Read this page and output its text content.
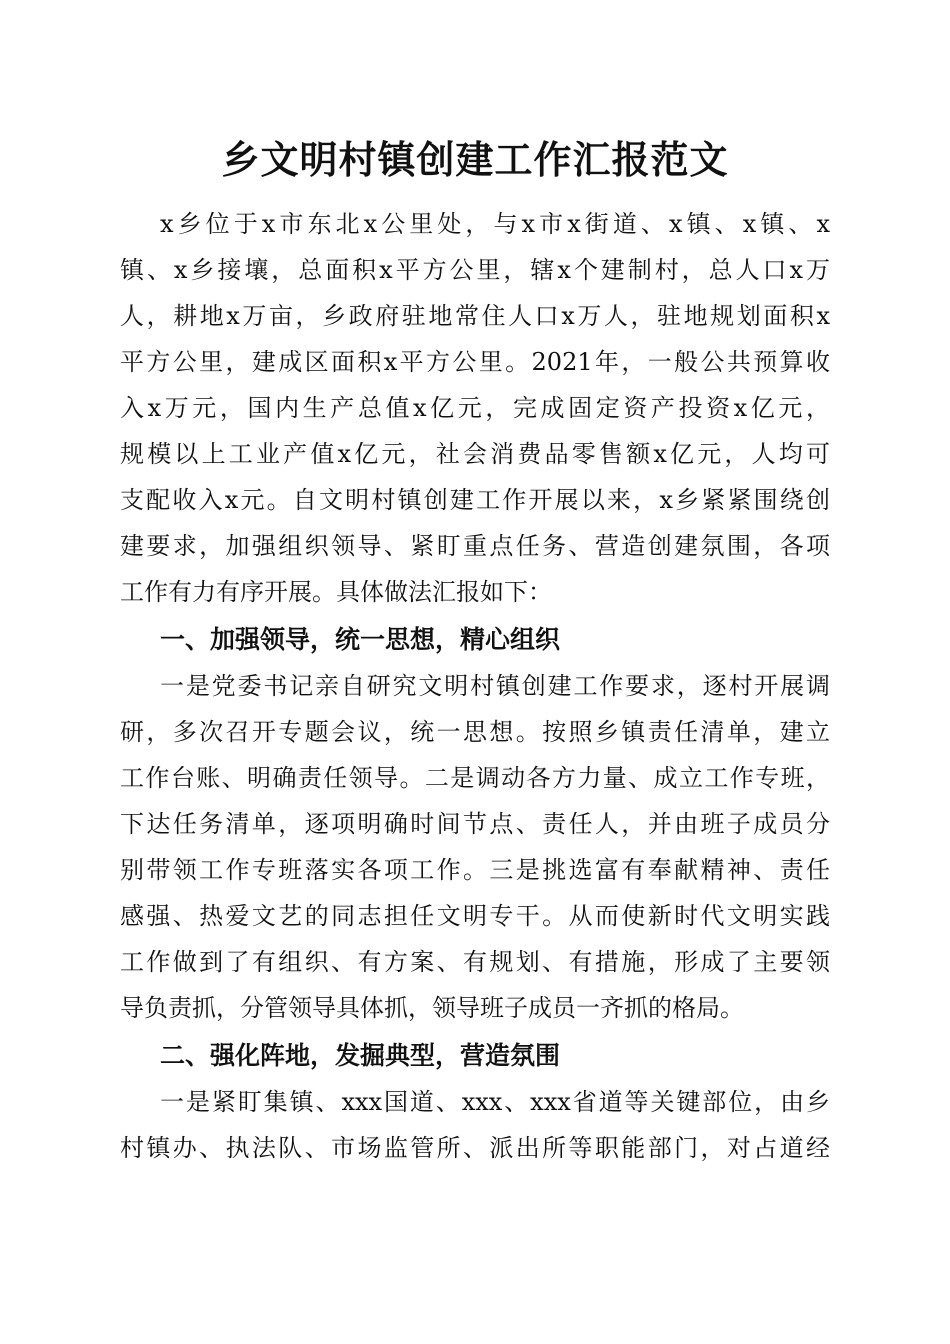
乡文明村镇创建工作汇报范文
x乡位于x市东北x公里处，与x市x街道、x镇、x镇、x
镇、x乡接壤，总面积x平方公里，辖x个建制村，总人口x万
人，耕地x万亩，乡政府驻地常住人口x万人，驻地规划面积x
平方公里，建成区面积x平方公里。2021年，一般公共预算收
入x万元，国内生产总值x亿元，完成固定资产投资x亿元，
规模以上工业产值x亿元，社会消费品零售额x亿元，人均可
支配收入x元。自文明村镇创建工作开展以来，x乡紧紧围绕创
建要求，加强组织领导、紧盯重点任务、营造创建氛围，各项
工作有力有序开展。具体做法汇报如下：
一、加强领导，统一思想，精心组织
一是党委书记亲自研究文明村镇创建工作要求，逐村开展调
研，多次召开专题会议，统一思想。按照乡镇责任清单，建立
工作台账、明确责任领导。二是调动各方力量、成立工作专班，
下达任务清单，逐项明确时间节点、责任人，并由班子成员分
别带领工作专班落实各项工作。三是挑选富有奉献精神、责任
感强、热爱文艺的同志担任文明专干。从而使新时代文明实践
工作做到了有组织、有方案、有规划、有措施，形成了主要领
导负责抓，分管领导具体抓，领导班子成员一齐抓的格局。
二、强化阵地，发掘典型，营造氛围
一是紧盯集镇、xxx国道、xxx、xxx省道等关键部位，由乡
村镇办、执法队、市场监管所、派出所等职能部门，对占道经
